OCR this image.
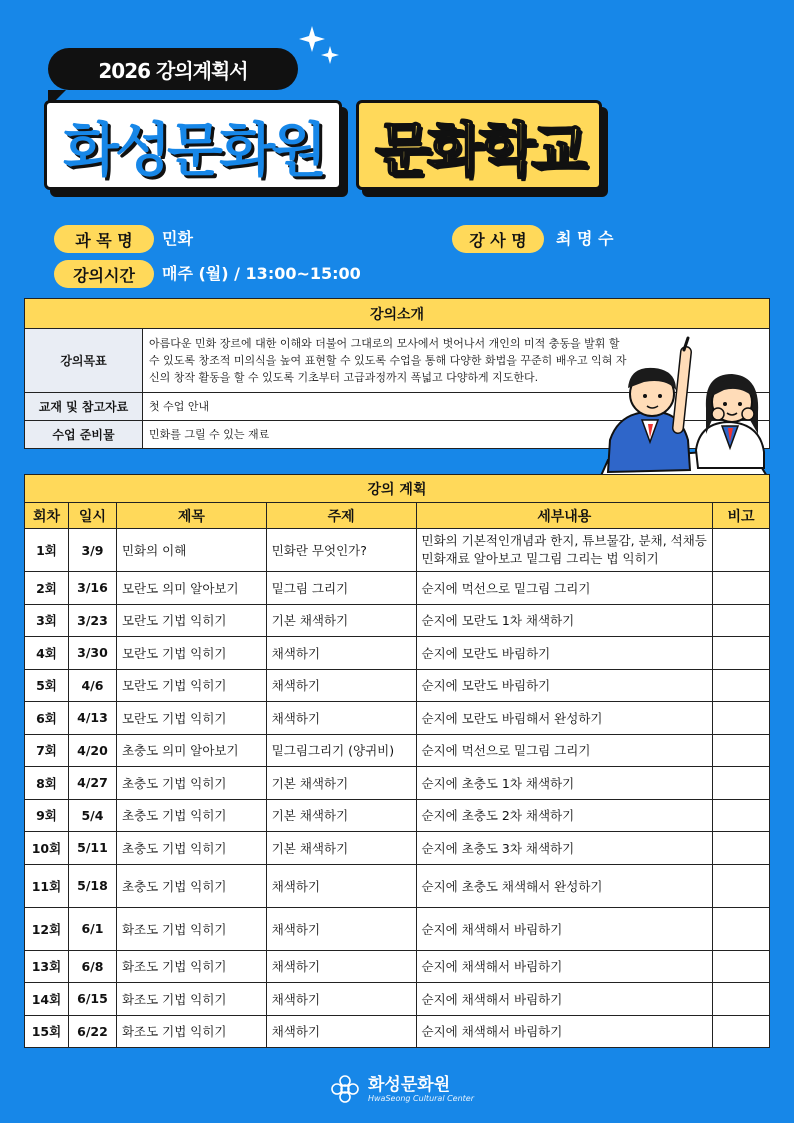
2026 강의계획서
화성문화원 문화학교
과 목 명	민화	강 사 명	최 명 수
강의시간	매주 (월) / 13:00~15:00
강의소개	
강의목표	아름다운 민화 장르에 대한 이해와 더불어 그대로의 모사에서 벗어나서 개인의 미적 충동을 발휘 할 수 있도록 창조적 미의식을 높여 표현할 수 있도록 수업을 통해 다양한 화법을 꾸준히 배우고 익혀 자신의 창작 활동을 할 수 있도록 기초부터 고급과정까지 폭넓고 다양하게 지도한다.
교재 및 참고자료	첫 수업 안내
수업 준비물	민화를 그릴 수 있는 재료
강의 계획					
회차	일시	제목	주제	세부내용	비고
1회	3/9	민화의 이해	민화란 무엇인가?	민화의 기본적인개념과 한지, 튜브물감, 분채, 석채등 민화재료 알아보고 밑그림 그리는 법 익히기	
2회	3/16	모란도 의미 알아보기	밑그림 그리기	순지에 먹선으로 밑그림 그리기	
3회	3/23	모란도 기법 익히기	기본 채색하기	순지에 모란도 1차 채색하기	
4회	3/30	모란도 기법 익히기	채색하기	순지에 모란도 바림하기	
5회	4/6	모란도 기법 익히기	채색하기	순지에 모란도 바림하기	
6회	4/13	모란도 기법 익히기	채색하기	순지에 모란도 바림해서 완성하기	
7회	4/20	초충도 의미 알아보기	밑그림그리기 (양귀비)	순지에 먹선으로 밑그림 그리기	
8회	4/27	초충도 기법 익히기	기본 채색하기	순지에 초충도 1차 채색하기	
9회	5/4	초충도 기법 익히기	기본 채색하기	순지에 초충도 2차 채색하기	
10회	5/11	초충도 기법 익히기	기본 채색하기	순지에 초충도 3차 채색하기	
11회	5/18	초충도 기법 익히기	채색하기	순지에 초충도 채색해서 완성하기	
12회	6/1	화조도 기법 익히기	채색하기	순지에 채색해서 바림하기	
13회	6/8	화조도 기법 익히기	채색하기	순지에 채색해서 바림하기	
14회	6/15	화조도 기법 익히기	채색하기	순지에 채색해서 바림하기	
15회	6/22	화조도 기법 익히기	채색하기	순지에 채색해서 바림하기	
화성문화원
HwaSeong Cultural Center
